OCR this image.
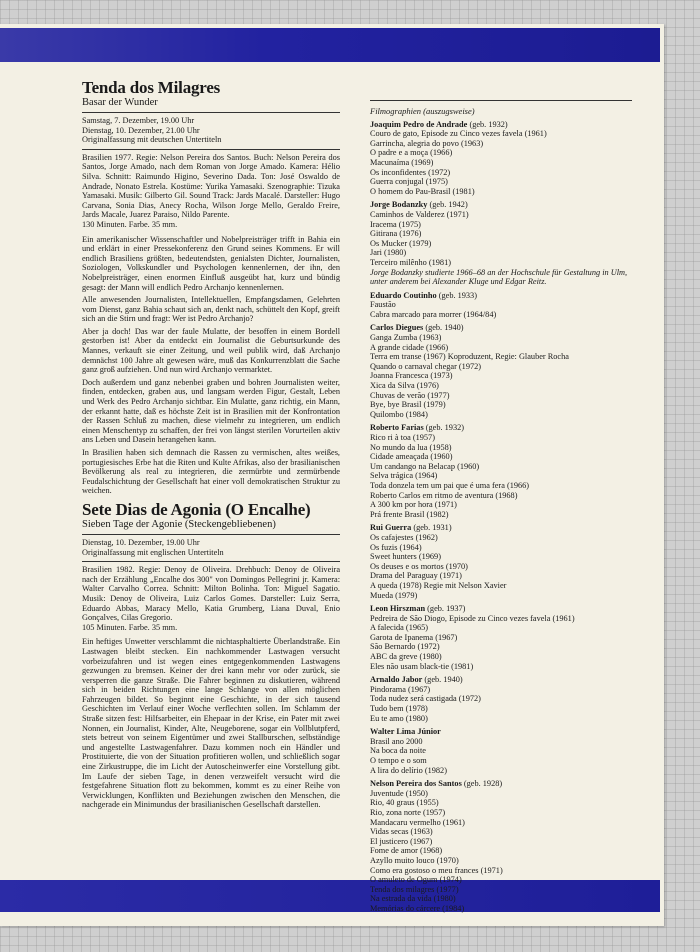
Tenda dos Milagres
Basar der Wunder
Samstag, 7. Dezember, 19.00 Uhr
Dienstag, 10. Dezember, 21.00 Uhr
Originalfassung mit deutschen Untertiteln
Brasilien 1977. Regie: Nelson Pereira dos Santos. Buch: Nelson Pereira dos Santos, Jorge Amado, nach dem Roman von Jorge Amado. Kamera: Hélio Silva. Schnitt: Raimundo Higino, Severino Dada. Ton: José Oswaldo de Andrade, Nonato Estrela. Kostüme: Yurika Yamasaki. Szenographie: Tizuka Yamasaki. Musik: Gilberto Gil. Sound Track: Jards Macalé. Darsteller: Hugo Carvana, Sonia Dias, Anecy Rocha, Wilson Jorge Mello, Geraldo Freire, Jards Macale, Juarez Paraiso, Nildo Parente.
130 Minuten. Farbe. 35 mm.

Ein amerikanischer Wissenschaftler und Nobelpreisträger trifft in Bahia ein und erklärt in einer Pressekonferenz den Grund seines Kommens. Er will endlich Brasiliens größten, bedeutendsten, genialsten Dichter, Journalisten, Soziologen, Volkskundler und Psychologen kennenlernen, der ihn, den Nobelpreisträger, einen enormen Einfluß ausgeübt hat, kurz und bündig gesagt: der Mann will endlich Pedro Archanjo kennenlernen.

Alle anwesenden Journalisten, Intellektuellen, Empfangsdamen, Gelehrten vom Dienst, ganz Bahia schaut sich an, denkt nach, schüttelt den Kopf, greift sich an die Stirn und fragt: Wer ist Pedro Archanjo?

Aber ja doch! Das war der faule Mulatte, der besoffen in einem Bordell gestorben ist! Aber da entdeckt ein Journalist die Geburtsurkunde des Mannes, verkauft sie einer Zeitung, und weil publik wird, daß Archanjo demnächst 100 Jahre alt gewesen wäre, muß das Konkurrenzblatt die Sache ganz groß aufziehen. Und nun wird Archanjo vermarktet.

Doch außerdem und ganz nebenbei graben und bohren Journalisten weiter, finden, entdecken, graben aus, und langsam werden Figur, Gestalt, Leben und Werk des Pedro Archanjo sichtbar. Ein Mulatte, ganz richtig, ein Mann, der erkannt hatte, daß es höchste Zeit ist in Brasilien mit der Konfrontation der Rassen Schluß zu machen, diese vielmehr zu integrieren, um endlich einen Menschentyp zu schaffen, der frei von längst sterilen Vorurteilen aktiv ans Leben und Dasein herangehen kann.

In Brasilien haben sich demnach die Rassen zu vermischen, altes weißes, portugiesisches Erbe hat die Riten und Kulte Afrikas, also der brasilianischen Bevölkerung als real zu integrieren, die zermürbte und zermürbende Feudalschichtung der Gesellschaft hat einer voll demokratischen Struktur zu weichen.

Sete Dias de Agonia (O Encalhe)
Sieben Tage der Agonie (Steckengebliebenen)
Dienstag, 10. Dezember, 19.00 Uhr
Originalfassung mit englischen Untertiteln
Brasilien 1982. Regie: Denoy de Oliveira. Drehbuch: Denoy de Oliveira nach der Erzählung „Encalhe dos 300" von Domingos Pellegrini jr. Kamera: Walter Carvalho Correa. Schnitt: Milton Bolinha. Ton: Miguel Sagatio. Musik: Denoy de Oliveira, Luiz Carlos Gomes. Darsteller: Luiz Serra, Eduardo Abbas, Maracy Mello, Katia Grumberg, Liana Duval, Enio Gonçalves, Cilas Gregorio.
105 Minuten. Farbe. 35 mm.

Ein heftiges Unwetter verschlammt die nichtasphaltierte Überlandstraße. Ein Lastwagen bleibt stecken. Ein nachkommender Lastwagen versucht vorbeizufahren und ist wegen eines entgegenkommenden Lastwagens gezwungen zu bremsen. Keiner der drei kann mehr vor oder zurück, sie versperren die ganze Straße. Die Fahrer beginnen zu diskutieren, während sich in beiden Richtungen eine lange Schlange von allen möglichen Fahrzeugen bildet. So beginnt eine Geschichte, in der sich tausend Geschichten im Verlauf einer Woche verflechten sollen. Im Schlamm der Straße sitzen fest: Hilfsarbeiter, ein Ehepaar in der Krise, ein Pater mit zwei Nonnen, ein Journalist, Kinder, Alte, Neugeborene, sogar ein Vollblutpferd, stets betreut von seinem Eigentümer und zwei Stallburschen, selbständige und angestellte Lastwagenfahrer. Dazu kommen noch ein Händler und Prostituierte, die von der Situation profitieren wollen, und schließlich sogar eine Zirkustruppe, die im Licht der Autoscheinwerfer eine Vorstellung gibt. Im Laufe der sieben Tage, in denen verzweifelt versucht wird die festgefahrene Situation flott zu bekommen, kommt es zu einer Reihe von Verwicklungen, Konflikten und Beziehungen zwischen den Menschen, die nachgerade ein Minimundus der brasilianischen Gesellschaft darstellen.

Filmographien (auszugsweise)
Joaquim Pedro de Andrade (geb. 1932)
Couro de gato, Episode zu Cinco vezes favela (1961)
Garrincha, alegria do povo (1963)
O padre e a moça (1966)
Macunaíma (1969)
Os inconfidentes (1972)
Guerra conjugal (1975)
O homem do Pau-Brasil (1981)
Jorge Bodanzky (geb. 1942)
Caminhos de Valderez (1971)
Iracema (1975)
Gitirana (1976)
Os Mucker (1979)
Jari (1980)
Terceiro milênho (1981)
Jorge Bodanzky studierte 1966–68 an der Hochschule für Gestaltung in Ulm, unter anderem bei Alexander Kluge und Edgar Reitz.
Eduardo Coutinho (geb. 1933)
Faustão
Cabra marcado para morrer (1964/84)
Carlos Diegues (geb. 1940)
Ganga Zumba (1963)
A grande cidade (1966)
Terra em transe (1967) Koproduzent, Regie: Glauber Rocha
Quando o carnaval chegar (1972)
Joanna Francesca (1973)
Xica da Silva (1976)
Chuvas de verão (1977)
Bye, bye Brasil (1979)
Quilombo (1984)
Roberto Farias (geb. 1932)
Rico ri à toa (1957)
No mundo da lua (1958)
Cidade ameaçada (1960)
Um candango na Belacap (1960)
Selva trágica (1964)
Toda donzela tem um pai que é uma fera (1966)
Roberto Carlos em ritmo de aventura (1968)
A 300 km por hora (1971)
Prá frente Brasil (1982)
Rui Guerra (geb. 1931)
Os cafajestes (1962)
Os fuzis (1964)
Sweet hunters (1969)
Os deuses e os mortos (1970)
Drama del Paraguay (1971)
A queda (1978) Regie mit Nelson Xavier
Mueda (1979)
Leon Hirszman (geb. 1937)
Pedreira de São Diogo, Episode zu Cinco vezes favela (1961)
A falecida (1965)
Garota de Ipanema (1967)
São Bernardo (1972)
ABC da greve (1980)
Eles não usam black-tie (1981)
Arnaldo Jabor (geb. 1940)
Pindorama (1967)
Toda nudez será castigada (1972)
Tudo bem (1978)
Eu te amo (1980)
Walter Lima Júnior
Brasil ano 2000
Na boca da noite
O tempo e o som
A lira do delírio (1982)
Nelson Pereira dos Santos (geb. 1928)
Juventude (1950)
Rio, 40 graus (1955)
Rio, zona norte (1957)
Mandacaru vermelho (1961)
Vidas secas (1963)
El justicero (1967)
Fome de amor (1968)
Azyllo muito louco (1970)
Como era gostoso o meu frances (1971)
O amuleto de Ogum (1974)
Tenda dos milagres (1977)
Na estrada da vida (1980)
Memórias do cárcere (1984)
